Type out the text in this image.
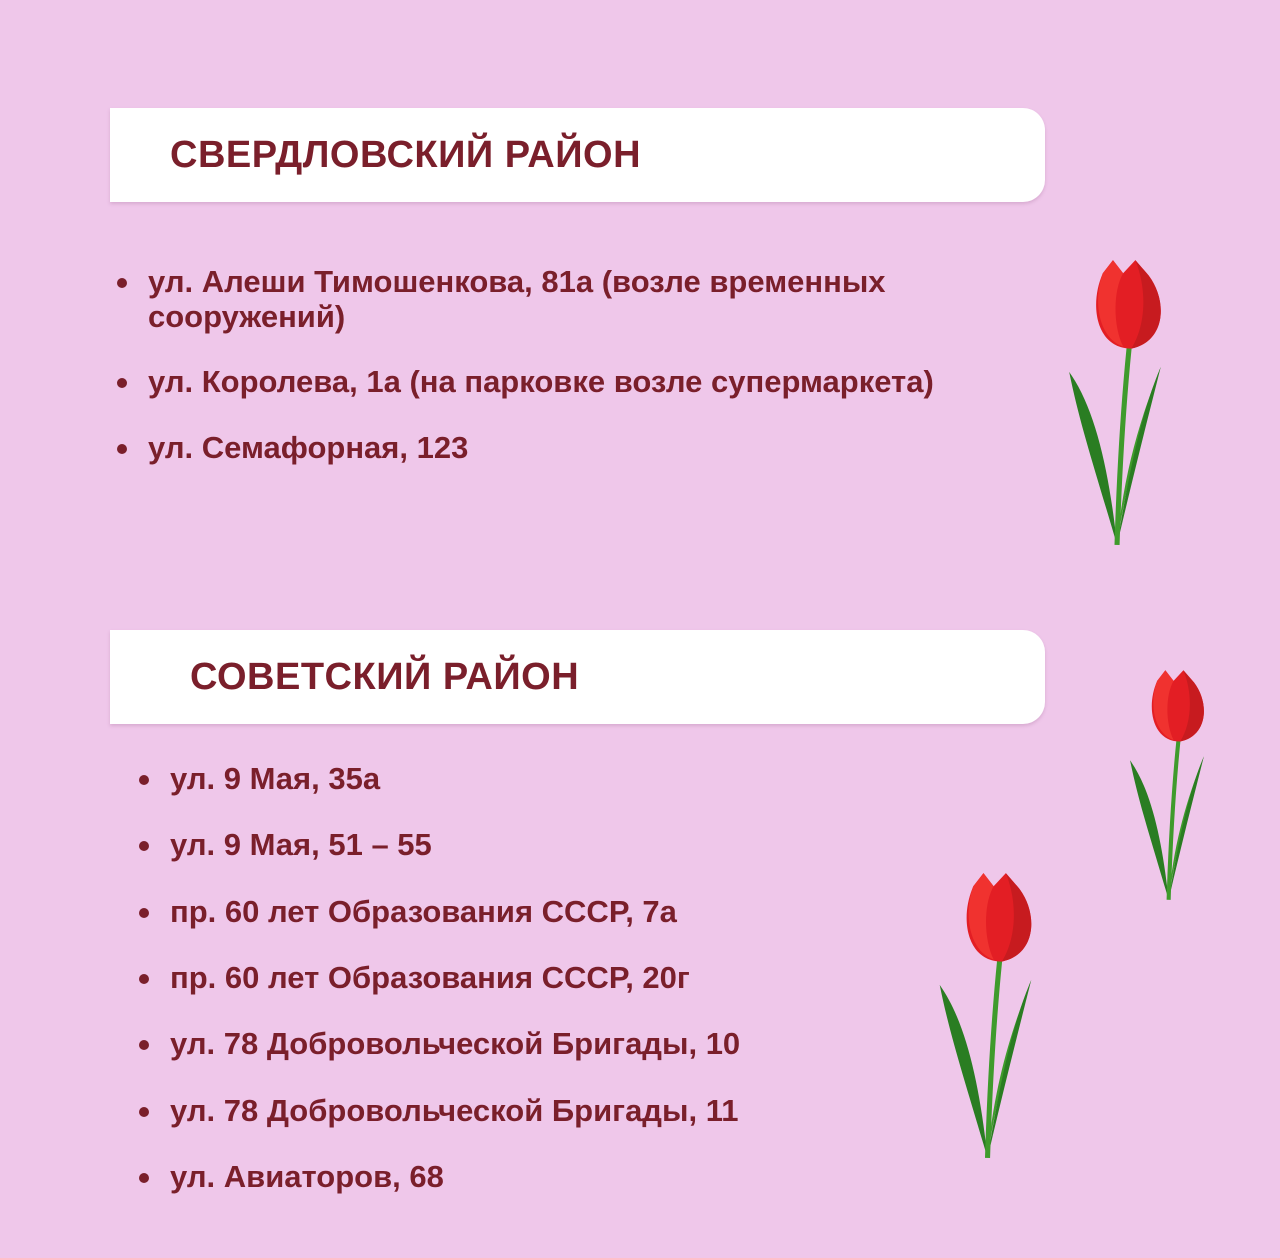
СВЕРДЛОВСКИЙ РАЙОН
ул. Алеши Тимошенкова, 81а (возле временных
сооружений)
ул. Королева, 1а (на парковке возле супермаркета)
ул. Семафорная, 123
СОВЕТСКИЙ РАЙОН
ул. 9 Мая, 35а
ул. 9 Мая, 51 – 55
пр. 60 лет Образования СССР, 7а
пр. 60 лет Образования СССР, 20г
ул. 78 Добровольческой Бригады, 10
ул. 78 Добровольческой Бригады, 11
ул. Авиаторов, 68
